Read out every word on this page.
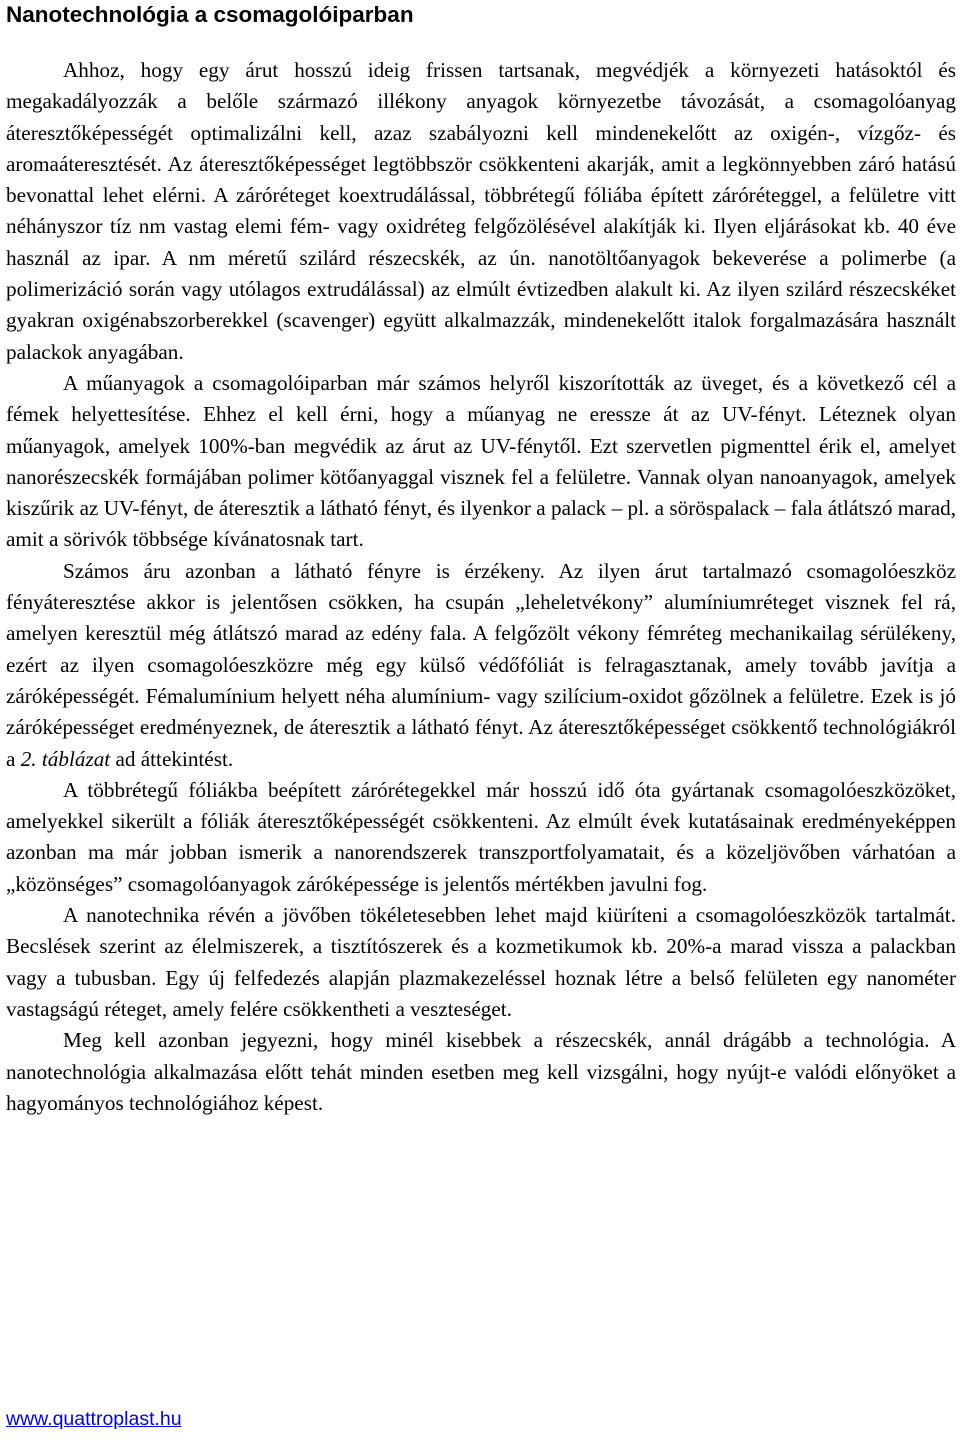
Nanotechnológia a csomagolóiparban

Ahhoz, hogy egy árut hosszú ideig frissen tartsanak, megvédjék a környezeti hatásoktól és megakadályozzák a belőle származó illékony anyagok környezetbe távozását, a csomagolóanyag áteresztőképességét optimalizálni kell, azaz szabályozni kell mindenekelőtt az oxigén-, vízgőz- és aromaáteresztését. Az áteresztőképességet legtöbbször csökkenteni akarják, amit a legkönnyebben záró hatású bevonattal lehet elérni. A záróréteget koextrudálással, többrétegű fóliába épített záróréteggel, a felületre vitt néhányszor tíz nm vastag elemi fém- vagy oxidréteg felgőzölésével alakítják ki. Ilyen eljárásokat kb. 40 éve használ az ipar. A nm méretű szilárd részecskék, az ún. nanotöltőanyagok bekeverése a polimerbe (a polimerizáció során vagy utólagos extrudálással) az elmúlt évtizedben alakult ki. Az ilyen szilárd részecskéket gyakran oxigénabszorberekkel (scavenger) együtt alkalmazzák, mindenekelőtt italok forgalmazására használt palackok anyagában.

A műanyagok a csomagolóiparban már számos helyről kiszorították az üveget, és a következő cél a fémek helyettesítése. Ehhez el kell érni, hogy a műanyag ne eressze át az UV-fényt. Léteznek olyan műanyagok, amelyek 100%-ban megvédik az árut az UV-fénytől. Ezt szervetlen pigmenttel érik el, amelyet nanorészecskék formájában polimer kötőanyaggal visznek fel a felületre. Vannak olyan nanoanyagok, amelyek kiszűrik az UV-fényt, de áteresztik a látható fényt, és ilyenkor a palack – pl. a söröspalack – fala átlátszó marad, amit a sörivók többsége kívánatosnak tart.

Számos áru azonban a látható fényre is érzékeny. Az ilyen árut tartalmazó csomagolóeszköz fényáteresztése akkor is jelentősen csökken, ha csupán „leheletvékony” alumíniumréteget visznek fel rá, amelyen keresztül még átlátszó marad az edény fala. A felgőzölt vékony fémréteg mechanikailag sérülékeny, ezért az ilyen csomagolóeszközre még egy külső védőfóliát is felragasztanak, amely tovább javítja a záróképességét. Fémalumínium helyett néha alumínium- vagy szilícium-oxidot gőzölnek a felületre. Ezek is jó záróképességet eredményeznek, de áteresztik a látható fényt. Az áteresztőképességet csökkentő technológiákról a 2. táblázat ad áttekintést.

A többrétegű fóliákba beépített zárórétegekkel már hosszú idő óta gyártanak csomagolóeszközöket, amelyekkel sikerült a fóliák áteresztőképességét csökkenteni. Az elmúlt évek kutatásainak eredményeképpen azonban ma már jobban ismerik a nanorendszerek transzportfolyamatait, és a közeljövőben várhatóan a „közönséges” csomagolóanyagok záróképessége is jelentős mértékben javulni fog.

A nanotechnika révén a jövőben tökéletesebben lehet majd kiüríteni a csomagolóeszközök tartalmát. Becslések szerint az élelmiszerek, a tisztítószerek és a kozmetikumok kb. 20%-a marad vissza a palackban vagy a tubusban. Egy új felfedezés alapján plazmakezeléssel hoznak létre a belső felületen egy nanométer vastagságú réteget, amely felére csökkentheti a veszteséget.

Meg kell azonban jegyezni, hogy minél kisebbek a részecskék, annál drágább a technológia. A nanotechnológia alkalmazása előtt tehát minden esetben meg kell vizsgálni, hogy nyújt-e valódi előnyöket a hagyományos technológiához képest.

www.quattroplast.hu
